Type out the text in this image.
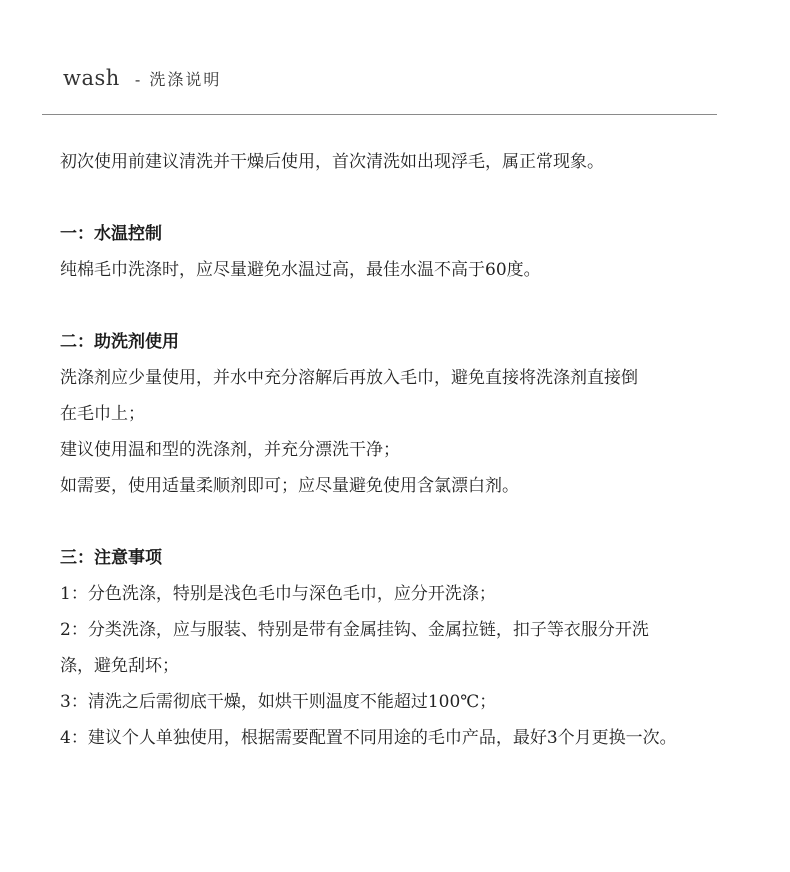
wash - 洗涤说明
初次使用前建议清洗并干燥后使用，首次清洗如出现浮毛，属正常现象。
一：水温控制
纯棉毛巾洗涤时，应尽量避免水温过高，最佳水温不高于60度。
二：助洗剂使用
洗涤剂应少量使用，并水中充分溶解后再放入毛巾，避免直接将洗涤剂直接倒
在毛巾上；
建议使用温和型的洗涤剂，并充分漂洗干净；
如需要，使用适量柔顺剂即可；应尽量避免使用含氯漂白剂。
三：注意事项
1：分色洗涤，特别是浅色毛巾与深色毛巾，应分开洗涤；
2：分类洗涤，应与服装、特别是带有金属挂钩、金属拉链，扣子等衣服分开洗
涤，避免刮坏；
3：清洗之后需彻底干燥，如烘干则温度不能超过100℃；
4：建议个人单独使用，根据需要配置不同用途的毛巾产品，最好3个月更换一次。
